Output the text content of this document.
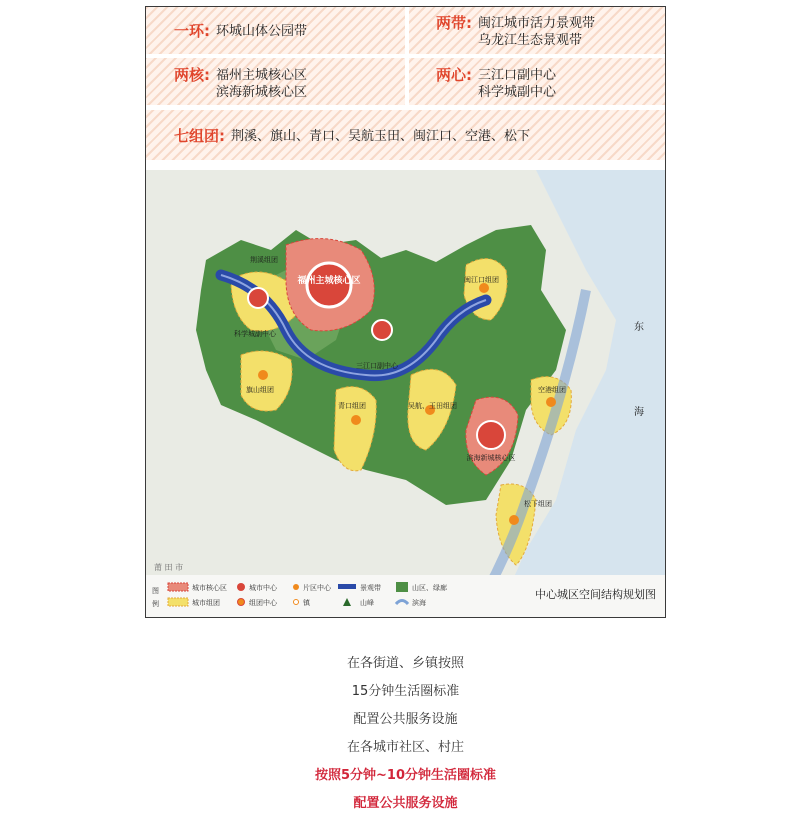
一环: 环城山体公园带	两带: 闽江城市活力景观带
乌龙江生态景观带
两核: 福州主城核心区
滨海新城核心区
两心: 三江口副中心
科学城副中心
七组团: 荆溪、旗山、青口、吴航玉田、闽江口、空港、松下
福州主城核心区
科学城副中心
三江口副中心
滨海新城核心区
荆溪组团
旗山组团
青口组团	吴航、玉田组团
闽江口组团
空港组团
松下组团
东
海
莆 田 市
图
例
城市核心区	城市中心	片区中心	景观带	山区、绿廊
城市组团	组团中心	镇	山峰	滨海
中心城区空间结构规划图
在各街道、乡镇按照
15分钟生活圈标准
配置公共服务设施
在各城市社区、村庄
按照5分钟~10分钟生活圈标准
配置公共服务设施
